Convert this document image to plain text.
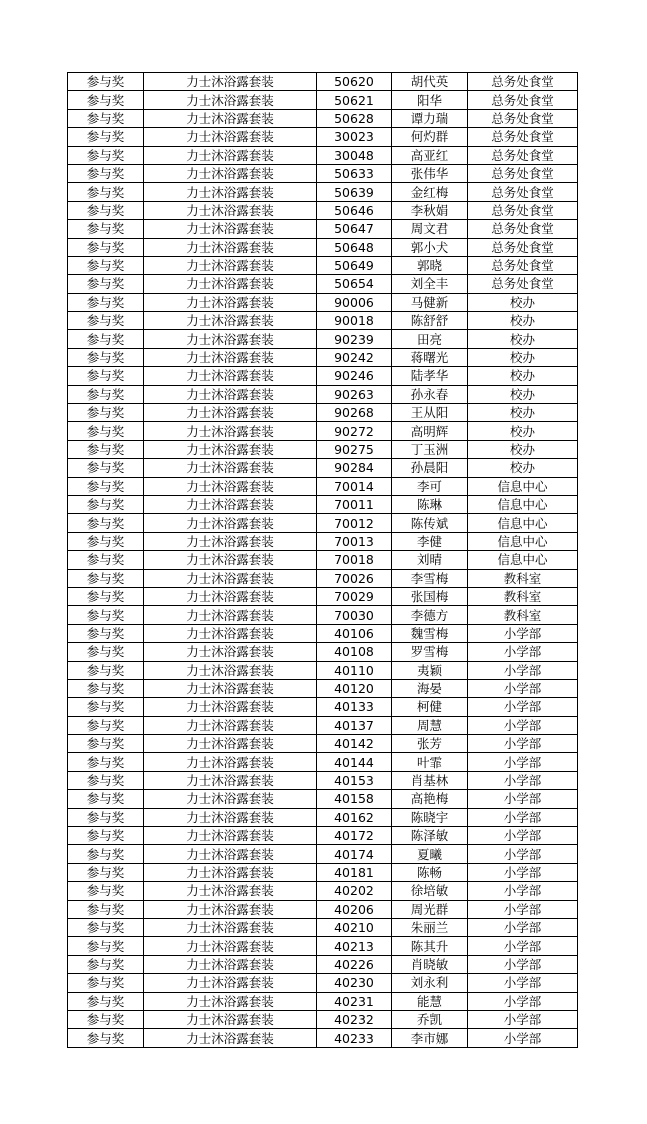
参与奖	力士沐浴露套装	50620	胡代英	总务处食堂
参与奖	力士沐浴露套装	50621	阳华	总务处食堂
参与奖	力士沐浴露套装	50628	谭力瑞	总务处食堂
参与奖	力士沐浴露套装	30023	何灼群	总务处食堂
参与奖	力士沐浴露套装	30048	高亚红	总务处食堂
参与奖	力士沐浴露套装	50633	张伟华	总务处食堂
参与奖	力士沐浴露套装	50639	金红梅	总务处食堂
参与奖	力士沐浴露套装	50646	李秋娟	总务处食堂
参与奖	力士沐浴露套装	50647	周文君	总务处食堂
参与奖	力士沐浴露套装	50648	郭小犬	总务处食堂
参与奖	力士沐浴露套装	50649	郭晓	总务处食堂
参与奖	力士沐浴露套装	50654	刘全丰	总务处食堂
参与奖	力士沐浴露套装	90006	马健新	校办
参与奖	力士沐浴露套装	90018	陈舒舒	校办
参与奖	力士沐浴露套装	90239	田亮	校办
参与奖	力士沐浴露套装	90242	蒋曙光	校办
参与奖	力士沐浴露套装	90246	陆孝华	校办
参与奖	力士沐浴露套装	90263	孙永春	校办
参与奖	力士沐浴露套装	90268	王从阳	校办
参与奖	力士沐浴露套装	90272	高明辉	校办
参与奖	力士沐浴露套装	90275	丁玉洲	校办
参与奖	力士沐浴露套装	90284	孙晨阳	校办
参与奖	力士沐浴露套装	70014	李可	信息中心
参与奖	力士沐浴露套装	70011	陈琳	信息中心
参与奖	力士沐浴露套装	70012	陈传斌	信息中心
参与奖	力士沐浴露套装	70013	李健	信息中心
参与奖	力士沐浴露套装	70018	刘晴	信息中心
参与奖	力士沐浴露套装	70026	李雪梅	教科室
参与奖	力士沐浴露套装	70029	张国梅	教科室
参与奖	力士沐浴露套装	70030	李德方	教科室
参与奖	力士沐浴露套装	40106	魏雪梅	小学部
参与奖	力士沐浴露套装	40108	罗雪梅	小学部
参与奖	力士沐浴露套装	40110	夷颖	小学部
参与奖	力士沐浴露套装	40120	海晏	小学部
参与奖	力士沐浴露套装	40133	柯健	小学部
参与奖	力士沐浴露套装	40137	周慧	小学部
参与奖	力士沐浴露套装	40142	张芳	小学部
参与奖	力士沐浴露套装	40144	叶霏	小学部
参与奖	力士沐浴露套装	40153	肖基林	小学部
参与奖	力士沐浴露套装	40158	高艳梅	小学部
参与奖	力士沐浴露套装	40162	陈晓宇	小学部
参与奖	力士沐浴露套装	40172	陈泽敏	小学部
参与奖	力士沐浴露套装	40174	夏曦	小学部
参与奖	力士沐浴露套装	40181	陈畅	小学部
参与奖	力士沐浴露套装	40202	徐培敏	小学部
参与奖	力士沐浴露套装	40206	周光群	小学部
参与奖	力士沐浴露套装	40210	朱丽兰	小学部
参与奖	力士沐浴露套装	40213	陈其升	小学部
参与奖	力士沐浴露套装	40226	肖晓敏	小学部
参与奖	力士沐浴露套装	40230	刘永利	小学部
参与奖	力士沐浴露套装	40231	能慧	小学部
参与奖	力士沐浴露套装	40232	乔凯	小学部
参与奖	力士沐浴露套装	40233	李市娜	小学部
